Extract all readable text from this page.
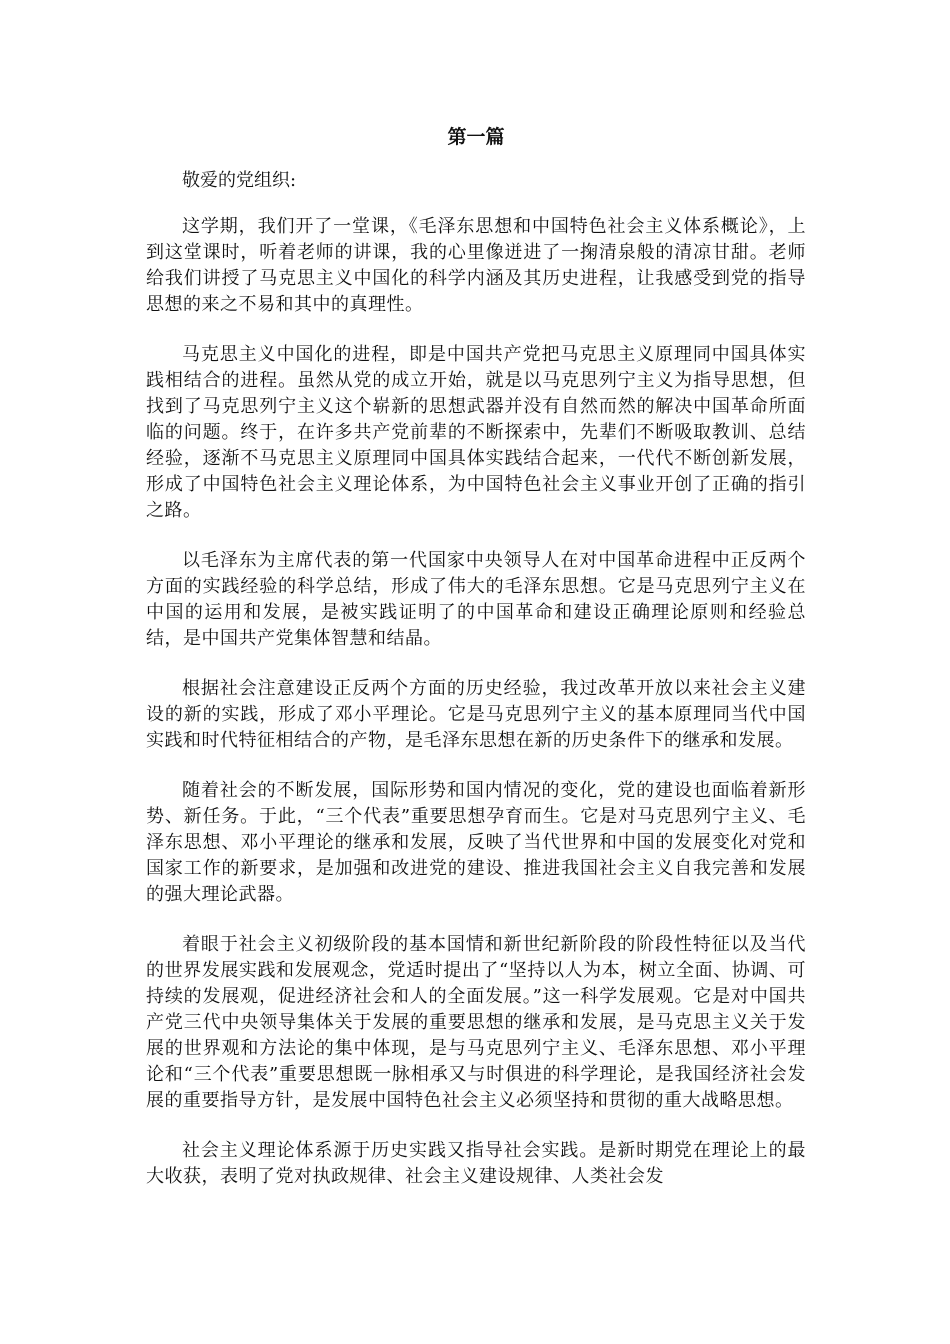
第一篇
敬爱的党组织:

这学期，我们开了一堂课，《毛泽东思想和中国特色社会主义体系概论》，上到这堂课时，听着老师的讲课，我的心里像迸进了一掬清泉般的清凉甘甜。老师给我们讲授了马克思主义中国化的科学内涵及其历史进程，让我感受到党的指导思想的来之不易和其中的真理性。

马克思主义中国化的进程，即是中国共产党把马克思主义原理同中国具体实践相结合的进程。虽然从党的成立开始，就是以马克思列宁主义为指导思想，但找到了马克思列宁主义这个崭新的思想武器并没有自然而然的解决中国革命所面临的问题。终于，在许多共产党前辈的不断探索中，先辈们不断吸取教训、总结经验，逐渐不马克思主义原理同中国具体实践结合起来，一代代不断创新发展，形成了中国特色社会主义理论体系，为中国特色社会主义事业开创了正确的指引之路。

以毛泽东为主席代表的第一代国家中央领导人在对中国革命进程中正反两个方面的实践经验的科学总结，形成了伟大的毛泽东思想。它是马克思列宁主义在中国的运用和发展，是被实践证明了的中国革命和建设正确理论原则和经验总结，是中国共产党集体智慧和结晶。

根据社会注意建设正反两个方面的历史经验，我过改革开放以来社会主义建设的新的实践，形成了邓小平理论。它是马克思列宁主义的基本原理同当代中国实践和时代特征相结合的产物，是毛泽东思想在新的历史条件下的继承和发展。

随着社会的不断发展，国际形势和国内情况的变化，党的建设也面临着新形势、新任务。于此，“三个代表”重要思想孕育而生。它是对马克思列宁主义、毛泽东思想、邓小平理论的继承和发展，反映了当代世界和中国的发展变化对党和国家工作的新要求，是加强和改进党的建设、推进我国社会主义自我完善和发展的强大理论武器。

着眼于社会主义初级阶段的基本国情和新世纪新阶段的阶段性特征以及当代的世界发展实践和发展观念，党适时提出了“坚持以人为本，树立全面、协调、可持续的发展观，促进经济社会和人的全面发展。”这一科学发展观。它是对中国共产党三代中央领导集体关于发展的重要思想的继承和发展，是马克思主义关于发展的世界观和方法论的集中体现，是与马克思列宁主义、毛泽东思想、邓小平理论和“三个代表”重要思想既一脉相承又与时俱进的科学理论，是我国经济社会发展的重要指导方针，是发展中国特色社会主义必须坚持和贯彻的重大战略思想。

社会主义理论体系源于历史实践又指导社会实践。是新时期党在理论上的最大收获，表明了党对执政规律、社会主义建设规律、人类社会发
